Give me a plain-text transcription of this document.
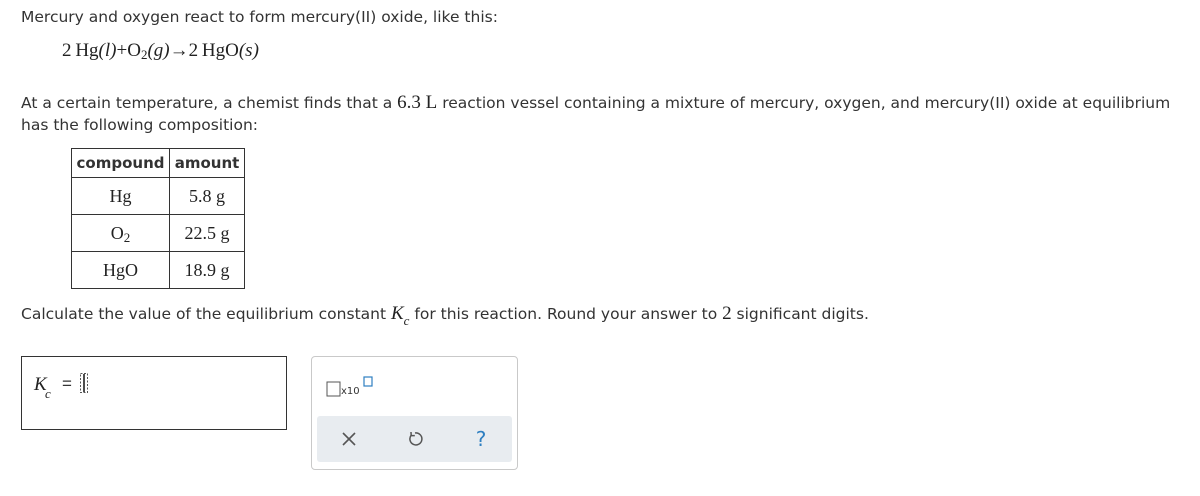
Mercury and oxygen react to form mercury(II) oxide, like this:
2  $Hg(l)+O_2(g)\to 2$  HgO(s)
At a certain temperature, a chemist finds that a 6.3 L reaction vessel containing a mixture of mercury, oxygen, and mercury(II) oxide at equilibrium has the following composition:
compound	amount
Hg	5.8 g
$O_2$	22.5 g
HgO	18.9 g
Calculate the value of the equilibrium constant $K_c$ for this reaction. Round your answer to 2 significant digits.
K
c
=	x10
?
